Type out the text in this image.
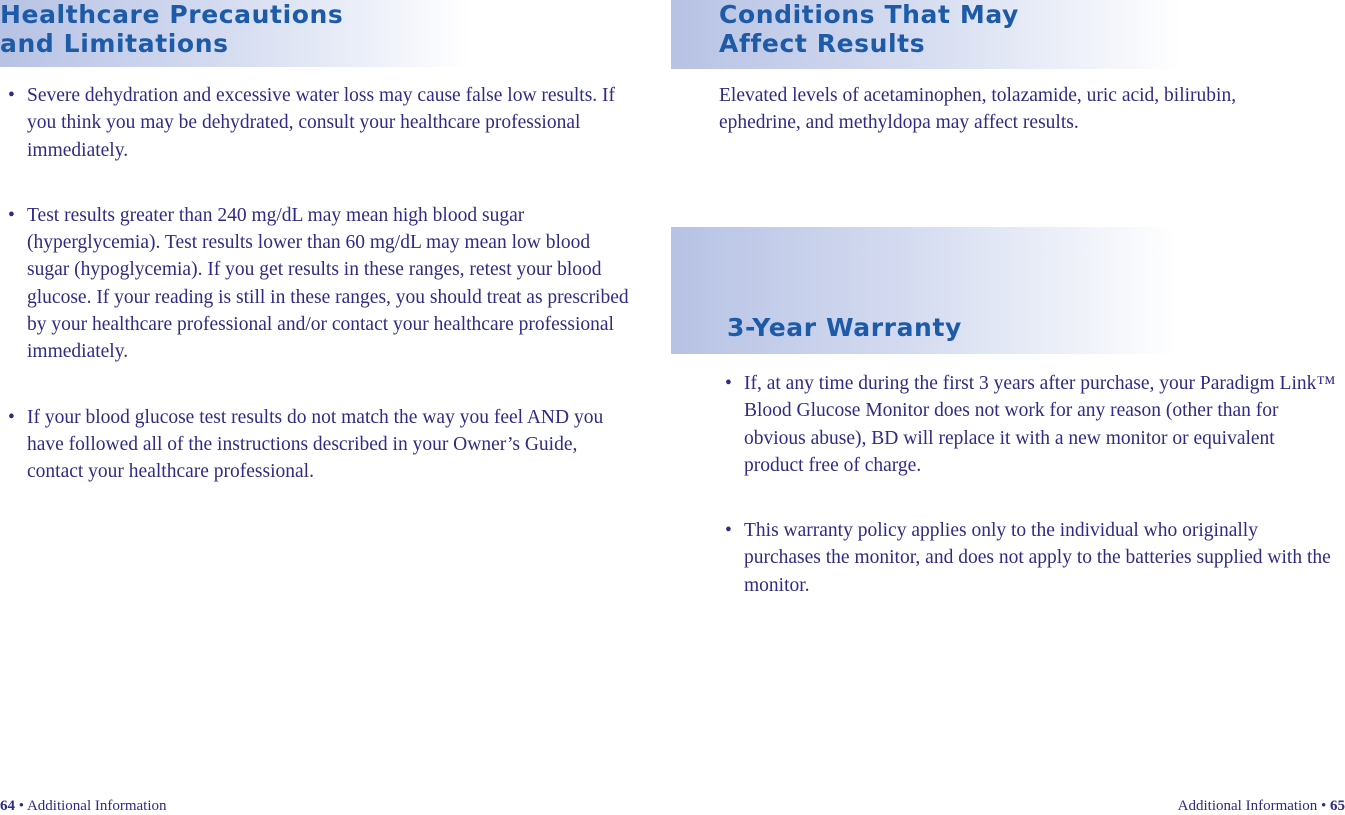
Healthcare Precautions
and Limitations
• Severe dehydration and excessive water loss may cause false low results. If you think you may be dehydrated, consult your healthcare professional immediately.
• Test results greater than 240 mg/dL may mean high blood sugar (hyperglycemia). Test results lower than 60 mg/dL may mean low blood sugar (hypoglycemia). If you get results in these ranges, retest your blood glucose. If your reading is still in these ranges, you should treat as prescribed by your healthcare professional and/or contact your healthcare professional immediately.
• If your blood glucose test results do not match the way you feel AND you have followed all of the instructions described in your Owner’s Guide, contact your healthcare professional.
64 • Additional Information
Conditions That May
Affect Results

Elevated levels of acetaminophen, tolazamide, uric acid, bilirubin, ephedrine, and methyldopa may affect results.

3-Year Warranty
• If, at any time during the first 3 years after purchase, your Paradigm Link™ Blood Glucose Monitor does not work for any reason (other than for obvious abuse), BD will replace it with a new monitor or equivalent product free of charge.
• This warranty policy applies only to the individual who originally purchases the monitor, and does not apply to the batteries supplied with the monitor.
Additional Information • 65
